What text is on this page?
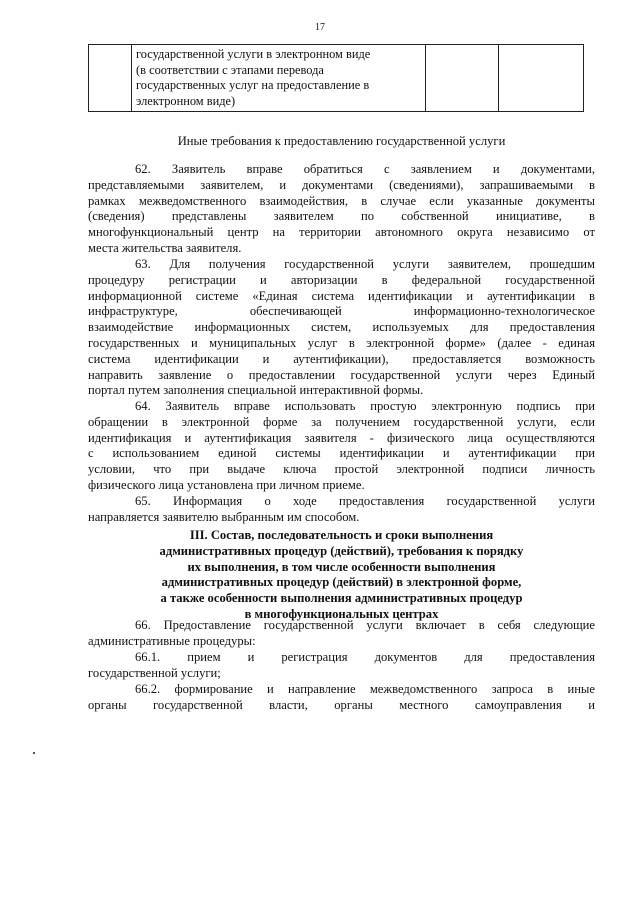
17

государственной услуги в электронном виде
(в соответствии с этапами перевода
государственных услуг на предоставление в
электронном виде)

Иные требования к предоставлению государственной услуги
62. Заявитель вправе обратиться с заявлением и документами,
представляемыми заявителем, и документами (сведениями), запрашиваемыми в
рамках межведомственного взаимодействия, в случае если указанные документы
(сведения) представлены заявителем по собственной инициативе, в
многофункциональный центр на территории автономного округа независимо от
места жительства заявителя.
63. Для получения государственной услуги заявителем, прошедшим
процедуру регистрации и авторизации в федеральной государственной
информационной системе «Единая система идентификации и аутентификации в
инфраструктуре, обеспечивающей информационно-технологическое
взаимодействие информационных систем, используемых для предоставления
государственных и муниципальных услуг в электронной форме» (далее - единая
система идентификации и аутентификации), предоставляется возможность
направить заявление о предоставлении государственной услуги через Единый
портал путем заполнения специальной интерактивной формы.
64. Заявитель вправе использовать простую электронную подпись при
обращении в электронной форме за получением государственной услуги, если
идентификация и аутентификация заявителя - физического лица осуществляются
с использованием единой системы идентификации и аутентификации при
условии, что при выдаче ключа простой электронной подписи личность
физического лица установлена при личном приеме.
65. Информация о ходе предоставления государственной услуги
направляется заявителю выбранным им способом.
III. Состав, последовательность и сроки выполнения
административных процедур (действий), требования к порядку
их выполнения, в том числе особенности выполнения
административных процедур (действий) в электронной форме,
а также особенности выполнения административных процедур
в многофункциональных центрах
66. Предоставление государственной услуги включает в себя следующие
административные процедуры:
66.1. прием и регистрация документов для предоставления
государственной услуги;
66.2. формирование и направление межведомственного запроса в иные
органы государственной власти, органы местного самоуправления и
